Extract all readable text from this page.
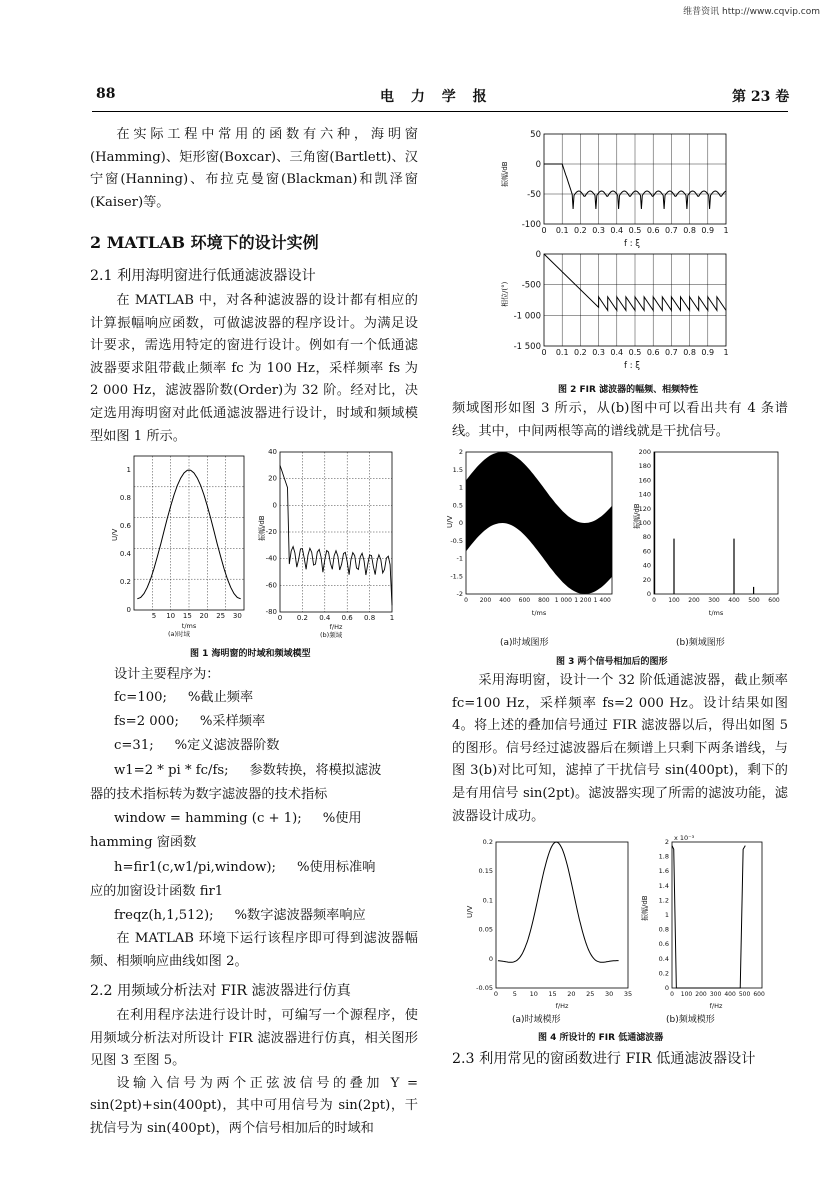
维普资讯 http://www.cqvip.com
88	电 力 学 报	第 23 卷

在实际工程中常用的函数有六种，海明窗(Hamming)、矩形窗(Boxcar)、三角窗(Bartlett)、汉宁窗(Hanning)、布拉克曼窗(Blackman)和凯泽窗(Kaiser)等。

2 MATLAB 环境下的设计实例
2.1 利用海明窗进行低通滤波器设计

在 MATLAB 中，对各种滤波器的设计都有相应的计算振幅响应函数，可做滤波器的程序设计。为满足设计要求，需选用特定的窗进行设计。例如有一个低通滤波器要求阻带截止频率 fc 为 100 Hz，采样频率 fs 为 2 000 Hz，滤波器阶数(Order)为 32 阶。经对比，决定选用海明窗对此低通滤波器进行设计，时域和频域模型如图 1 所示。

0
0.2
0.4
0.6
0.8
1
5 10 15 20 25 30
U/V
t/ms
(a)时域
-80
-60
-40
-20
0
20
40
0 0.2 0.4 0.6 0.8 1
振幅/dB
f/Hz
(b)频域
图 1 海明窗的时域和频域模型
设计主要程序为：
fc=100;     %截止频率
fs=2 000;     %采样频率
c=31;     %定义滤波器阶数
w1=2 * pi * fc/fs;     参数转换，将模拟滤波
器的技术指标转为数字滤波器的技术指标
window = hamming (c + 1);     %使用
hamming 窗函数
h=fir1(c,w1/pi,window);     %使用标准响
应的加窗设计函数 fir1
freqz(h,1,512);     %数字滤波器频率响应

在 MATLAB 环境下运行该程序即可得到滤波器幅频、相频响应曲线如图 2。

2.2 用频域分析法对 FIR 滤波器进行仿真

在利用程序法进行设计时，可编写一个源程序，使用频域分析法对所设计 FIR 滤波器进行仿真，相关图形见图 3 至图 5。

设输入信号为两个正弦波信号的叠加 Y = sin(2pt)+sin(400pt)，其中可用信号为 sin(2pt)，干扰信号为 sin(400pt)，两个信号相加后的时域和

-100
-50
0
50
0 0.1 0.2 0.3 0.4 0.5 0.6 0.7 0.8 0.9 1
振幅/dB
f : ξ
-1 500
-1 000
-500
0
0 0.1 0.2 0.3 0.4 0.5 0.6 0.7 0.8 0.9 1
相位/(°)
f : ξ
图 2 FIR 滤波器的幅频、相频特性

频域图形如图 3 所示，从(b)图中可以看出共有 4 条谱线。其中，中间两根等高的谱线就是干扰信号。

-2
-1.5
-1
-0.5
0
0.5
1
1.5
2
0 200 400 600 800 1 000 1 200 1 400
U/V
t/ms
0
20
40
60
80
100
120
140
160
180
200
0 100 200 300 400 500 600
振幅/dB
t/ms
(a)时域图形	(b)频域图形
图 3 两个信号相加后的图形

采用海明窗，设计一个 32 阶低通滤波器，截止频率 fc=100 Hz，采样频率 fs=2 000 Hz。设计结果如图 4。将上述的叠加信号通过 FIR 滤波器以后，得出如图 5 的图形。信号经过滤波器后在频谱上只剩下两条谱线，与图 3(b)对比可知，滤掉了干扰信号 sin(400pt)，剩下的是有用信号 sin(2pt)。滤波器实现了所需的滤波功能，滤波器设计成功。

-0.05
0
0.05
0.1
0.15
0.2
0 5 10 15 20 25 30 35
U/V
f/Hz
0
0.2
0.4
0.6
0.8
1
1.2
1.4
1.6
1.8
2
0 100 200 300 400 500 600
x 10⁻³
振幅/dB
f/Hz
(a)时域模形	(b)频域模形
图 4 所设计的 FIR 低通滤波器
2.3 利用常见的窗函数进行 FIR 低通滤波器设计
